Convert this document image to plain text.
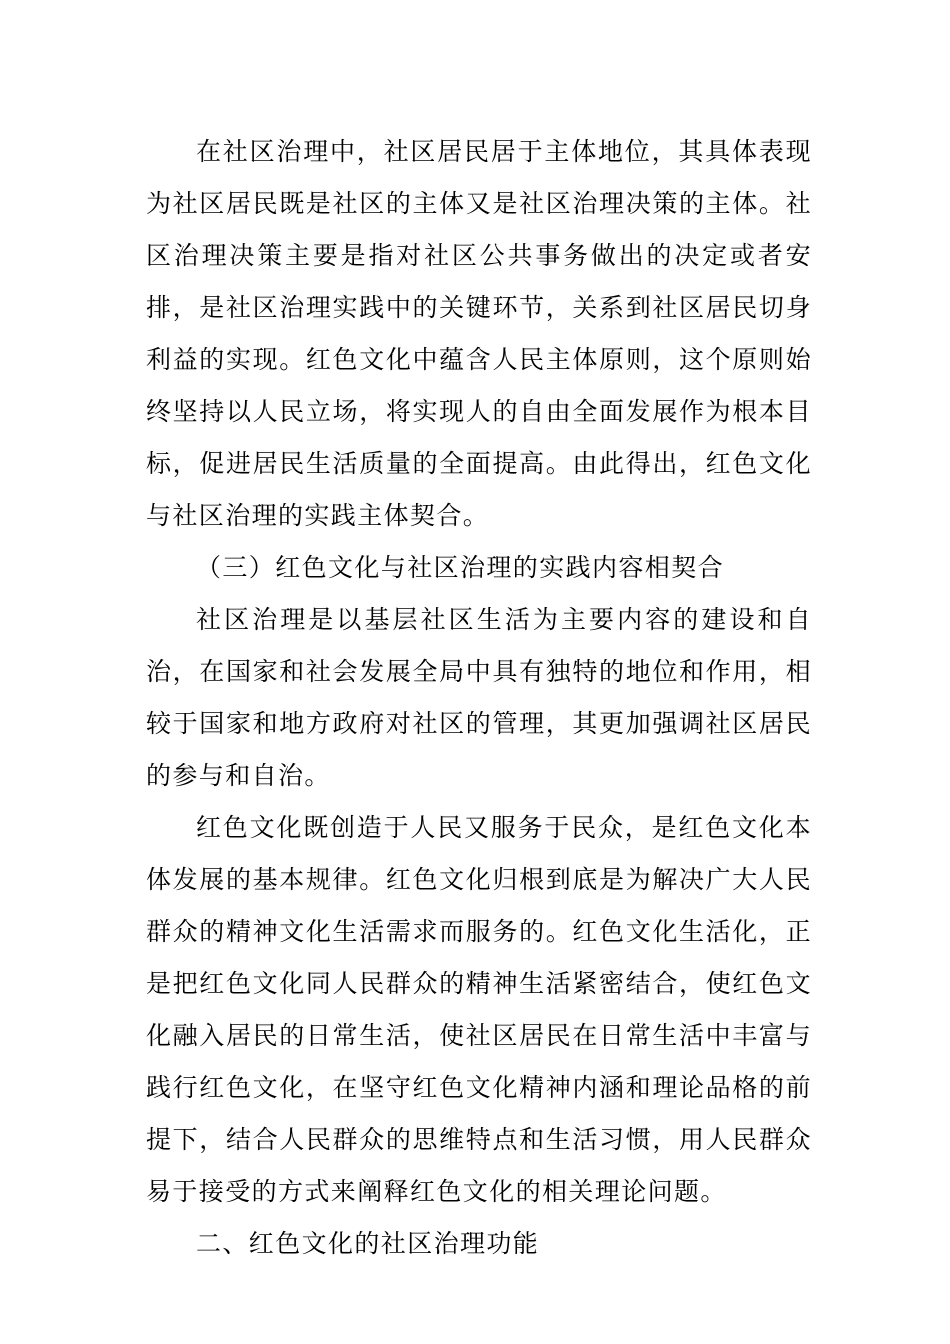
在社区治理中，社区居民居于主体地位，其具体表现为社区居民既是社区的主体又是社区治理决策的主体。社区治理决策主要是指对社区公共事务做出的决定或者安排，是社区治理实践中的关键环节，关系到社区居民切身利益的实现。红色文化中蕴含人民主体原则，这个原则始终坚持以人民立场，将实现人的自由全面发展作为根本目标，促进居民生活质量的全面提高。由此得出，红色文化与社区治理的实践主体契合。

（三）红色文化与社区治理的实践内容相契合

社区治理是以基层社区生活为主要内容的建设和自治，在国家和社会发展全局中具有独特的地位和作用，相较于国家和地方政府对社区的管理，其更加强调社区居民的参与和自治。

红色文化既创造于人民又服务于民众，是红色文化本体发展的基本规律。红色文化归根到底是为解决广大人民群众的精神文化生活需求而服务的。红色文化生活化，正是把红色文化同人民群众的精神生活紧密结合，使红色文化融入居民的日常生活，使社区居民在日常生活中丰富与践行红色文化，在坚守红色文化精神内涵和理论品格的前提下，结合人民群众的思维特点和生活习惯，用人民群众易于接受的方式来阐释红色文化的相关理论问题。

二、红色文化的社区治理功能
